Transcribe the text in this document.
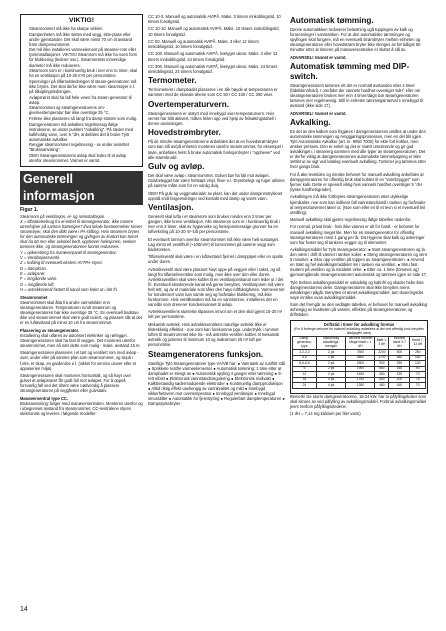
VIKTIG!
• Steamrommet må ikke ha skarpe vinkler.
• Dampenheten må ikke settes med vegg, sitte-plass eller andre gjenstander. Det skal være minst 70 cm til avstand fram dampenummeret.
• Det må ikke installeres varmeelement på steamer-rom eller lysinnstallasjoner. VIKTIG! Steamrom må ikke ha noen form for blokkering (lederer osv.). Steamrentets innvendige diameter må ikke reduseres.
• Steamrom som er i kontinuerlig bruk i mer enn to timer, skal ha en ventilasjon på 10-20 m³/t per personstime.
• Spenninger på tilførselsledningen til steam-generatoren må ikke brytes. Det skal derfor ikke være noen steamrøyer e.l. på tilkoplingsledningen.
• Avløpsrøret skal ha fall hele veien fra steam-generator til avløp.
• Steamrommet og steamgeneratorens om-givelsestemperatur bør ikke overstige 35 °C.
• Feilene ikke plasseres så langt fra damp-straten som mulig.
• Damgeneratoren må avkalkes regelmessig ifølge instruksene, se under punktet "Avkalking". På steder med kalkholdig vann, over 5 °dH, anbefales det å bruke Tylö automatiske avkalker.
• Rengjør steamrommet regelmessig - se under avsnittet "Brukssanvising".
• OBS! Steamgeneratorens avløp skal ledes til et avløp utenfor steamrommet. Varmet er varmt.
Generell informasjon
Figur 1.
Steamrom på ventilasjon, el- og rørinstallasjon.
X = tilbrakelsebrug fra el-enhet til steamgenerator, ikke montre utrenfoljner på samme batterigen? ihva lokale bestemmelser krever steamrøyer, skal den ditkt være i PA-stifting. Hvis steamren brytes for den automatiske tømmingen og gjvfngen av kontorl kan tomet skal da 60 mm eller avkobel bedt, opphøver funksjonen, senken tømmes ikke, og steamgeneratorene funnet reduseres.
Y = opkeretning fra manøverpanel til steamgenerator.
V = Ventilasjonsventil.
Z = kobling til eventuelt ekstern AVTPA-styrer.
D = dampkran.
E = avløpsrør.
F = inngående vann.
G = inngående luft.
H = avtrekksventil fastett til kanal som leder ut i det fri.
Steamrommet

Steamrommet skal åtta fra andre varmekilder enn steamgeneratoren. Temperaturen rundt steamrom og steamgeneratoren bør ikke overstige 35 °C. En eventuell badstue ikke ved steamrommet skal være godt isolert, og plassert slik at det er en luftavstand på minst 10 cm fra steamrommet.

Plassering av steamgenerator.

Installering skal utføres av autorisert elektriker og rørlegger. Steamgeneratoren skal ha fast til veggen. Det monteres utenfor steamrommet, men så nær dette som mulig - maks. avstand 15 m.

Steamgeneratoren plasseres i et tørt og ventilert rom med avløp - over, under eller på samme plan som steamrommet, og skjult i f.eks. et skap, en garderobe e.l. (sikkel for service utover eller et appaserien miljø).

Steamgeneratoren skal monteres horisontalt, og så høyt over gulvet at avløpsrøret får godt fall mot avløpet. For å oppnå forsvarlig fall ved det tilrent være nødvendig å plassere steamgeneratoren på veggfester eller gulvstativ.

Manøversentral type CC.

Bruksanvisning: følger med manøversentralen. Monteres utenfor og i ubegrenset avstand fra steamrommet. CC-sentralene styres elektronisk og leveres i følgende modeller:

CC 10-3. Manuell og automatisk AVIPÅ. Maks. 3 timers innkoblingstid, 10 timers forvalgstid.

CC 10-10. Manuell og automatisk AVIPÅ. Maks. 10 timers innkoblingstid, 10 timers forvalgstid.

CC 50. Manuell og automatisk AVIPÅ. Maks. 3 eller 12 timers innkoblingstid, 10 timers forvalgstid.

CC 100. Manuell og automatisk AVIPÅ, livetyget ukeur. Maks. 3 eller 12 timers innkoblingstid, 24 timers forvalgstid.

CC 300. Manuell og automatisk AVIPÅ, livetyget ukeur. Maks. 24 timers innkoblingstid, 24 timers forvalgstid.

Termometer.

Termometeret i dampbadet plasseres i en slik høyde at temperaturen er sammen med de ekseale ahene som CC 50 / CC 100 / CC 300 viser.

Overtemperaturvern.

Steamgeneratoren er utstyrt med innebygd over-temperaturvern. Hvis vernet har blitt aktivert, måtes feilen opp ved hjelp av feilsøkingstabell i denne anvisningen.

Hovedstrømbryter.

På de mindre steamgeneratorene anbefales det at en hovedstrømbryter som kan slå av/på enheten monteres utenfor steamrommet, for eksempel i tavle, anbefales helst å bruke automatisk funksjonbryter i "opphever" ved alle strømbrudd.

Gulv og avløp.

Det skal være avløp i steamrommet. Gulvet bør ha fall mot avløpet. Gulvbelegget bør være helstøpt vinyl, fliser e.l. Drymbelegt og fuger utføres på samme måte som for en vanlig dusj.

OBS! På gulv og veggmaterialer av plast, kan det under dampinnstrykknet oppstå små fargeendringer ved kontakt med damp og varmt vann.

Ventilasjon.

Generelt skal lufta i et steamrom som brukes mindre enn 2 timer per gangen, ikke kreve ventilasjon. Alle steamrom som er i kontinuerlig bruk i mer enn 2 timer, skal av hygieniske og funksjonsmessige grunner ha en luftveksling på 10-20 m³ luft per personstime.

Et eventuelt tomrom ovenfor steamrommet må ikke være helt sustanget. Lag minst ett ventilhull (~100mm²) til tomrommet på samme vegg som badetoreten.

Tilførselsventil skal være i en luftavstand fjernet i damppipet eller en spalte under doren.

Avtrekksventil skal være plassert høyt oppe på veggen eller i taket, og så langt fra tilførselsventilen som mulig, men ikke over den eller doren. Avtrekksventilen skal være koblet til en ventilasjonskanal som leder ut i det fri. Eventuell ekssterende kanal må gerne benyttes. Ventilasjonen må være helt tett, og av et materiale som tåler den høyo luftfuktigheten. Varmevernet for kondensert vann kan samle seg og forårsake blokkering, må ikke forekomme. Hvis ventilkanalen må ha en vannlomme, installeres det en vannlås som drenerer kondensvannet til avløp.

Avtrekksventilens størrelse tilpasses innvol om et den skal gjemt 10-20 m³ luft per personstime.

Mekanisk avtrekk. Hvis avtrekksventilens naturlige avtrekk ikke er tilstrekkelig effektivt - noe som kan forekomme pga. undertrykk i rommet luften til steamrommet ikke ha - må avtrekks-ventilen kobles til mekanisk avtrekk og justeres til minimum 10 og maksimum 20 m³ luft per personstime.

Steamgeneratorens funksjon.

Samtlige Tylö Steamgeneratorer type VA/VB har: ● Vanntank av rustfritt stål ● Sprikkete rustfre varmeelementer ● Automatisk tømming: 1 time etter at dampbadet er stengt av ● Automatisk spyling 4 ganger etter tømming ● S-rett elfast ● Elektronisk vannstandsregulering ● Elektronisk nivåvakt ● Kalkbestandig sødermodulende elektroder ● Kontinuerlig dampproduksjon ● Alltid riktig effekt uavhengig av vannkvalitet og mild ● Innebygd sikkerhetsvern mot overtemperatur ● Innebygd ventilasjon ● Innebygd smusstilter ● Automatikk for fjernstyring ● Regulerbart damptemperaturen ● Dampstyrkebryter

Automatisk tømming.

Denne automatikken reduserer belastning ugå tuppingen av kalk og forurensinger i vanntanken. For at den automatiske tømmingen og spylingen skal fungere, må en eventuelt strømbryter mellom enheten og steamgeneratoren eller hovedstrøm bryter ikke stenges av før tidligst 60 minutter etter at timeren på manøversentralen er sluttet å slå av.

ADVARSEL! Vannet er varmt.

Automatisk tømming med DIP-switch.

Steamgeneratoren tømmes ett det er normalt avstanden etter 4 timer (fabrikkinnhold). I området der vannets hardhet overstiger 5dH° eller om steamgeneratoren brukes mer enn 4 timer/døgn bør steamgeneratoren tømmes mer regelmessig. Still in enheten tømmingsinterval 1 innebygd til avstand (ikke side 17).

ADVARSEL! Vannet er varmt.

Avkalking.

En del av den kalken som frigjøres i damgeneratorens utsilles at under den automatiske tømmingen og renggjøringsprosessen, men en del blir igjen. Tylö Automatiske Avkalker (art. nr. 9060 7000) for ekte fort kobles, men ønsker presses. Den er enkel og det er svært utrustrende og gir god avkalkingen, i steamerg sammen med alle typer av steamgeneratoren. Det er derfor viktig at damgeneratorenes automatiske tømmebagning er ikke settlet ut av sigt ved katalog eventuelt avkalking. Tømmer jeg tømmes etter hver gangs bruk.

For å øke levetiden og minske behovet for manuell avkalking anbefales at dampgeneratoren for offentlig bruk skal kobles til en "vannbrygger" som fjerner kalk. Dette er spesielt viktig hvis vannets hardhet overstiger 5 °dH (tyske hardhetsgrader).

Avkalkingen må ikke fortbrytes steamgeneratoren etter ulykkelige kjemikalier, noe som kan indikere fall vannstandsnivå i tanken og forårsake at temperaturvernet løser ut. (Noe som eller en til et tevn si et eventuell feil utstilling).

Manuell avkalking skal gjøres regelmessig ifølge tabellen nedenfor.

For normal, privat bruk - hvis ikke vannet er alt for hardt - er behovet for manuell avkalking meget lite. Men for en steamgenerator for offentlig steamgeneratoren mest 1 gang per år. Da Hygiene skal kalk og avleiringer som har festet seg til tankens vegger og til elementet.

Avkalkingsmiddel for Tylö steamgenerator: ● Start steamgeneratoren og la den være i drift til vannet i tanken koker. ● Steng steamgeneratoren og vent 5 minutter. ● Skru opp ventilen på toppen av steamgeneratoren. ● Anvend en trakt og hel avkalkingsmiddelet inn i tanken via ventilen. ● Skru fast muttern på ventilen og la middelet virke. ● Etter ca. 1 time (tömmes og) gjennomgående steamgeneratoren automatisk og tømmes igjen se side 17.

Tylö Sebnet avkalkingsmiddel er uskadelig og kaltnfri og skader hebe ikke damgeneratorens deler. Damgeneratoren skal ikke benyttes mens avkalkingen pågår. Benyttes et annet avkalkingsmiddel, tam doseringsdet nøye inntiles ovan avkalkingsmiddel.

Som det fremgår av den vedlagte tabellen, er behovet for manuell avkalking avhengig av kvaliteten på vannet, effekten på steamgeneratoren og driftstiden.

Driftstid i timer før avkalking foretas
(For å forlenge behovet for manuell avkalking anbefales at det ved offentlig bruk benyttes bladgogen vann)
Damp-generator, type	Nødvendig avkalkings-mengde	Vannets hardhet Meget bløtt < 1 dH	Bløtt 1-3 dH	Middels hardt 3-7 dH	Hardt 7-13 dH
2,2-2,2	2 pk	7500	2200	500	250
4,5	2 pk	3800	1700	380	160
6,6-6,6	2 pk	2600	900	250	130
9	2 pk	1900	660	180	90
12	2 pk	1450	460	120	70
18	4 pk	1750	550	200	75
24	4 pk	1300	460	160	70

Bemerk! De storre damgeneratorene, 18-24 kW, har to påfyllingskoker som skal skrues av ved påfylling av avkalkingsmiddel. Forbruk avkalkingsmiddel jevnt mellom påfyllingsstedene.

(1 dH = 7,14 mg kalsium per liter vann)

14
